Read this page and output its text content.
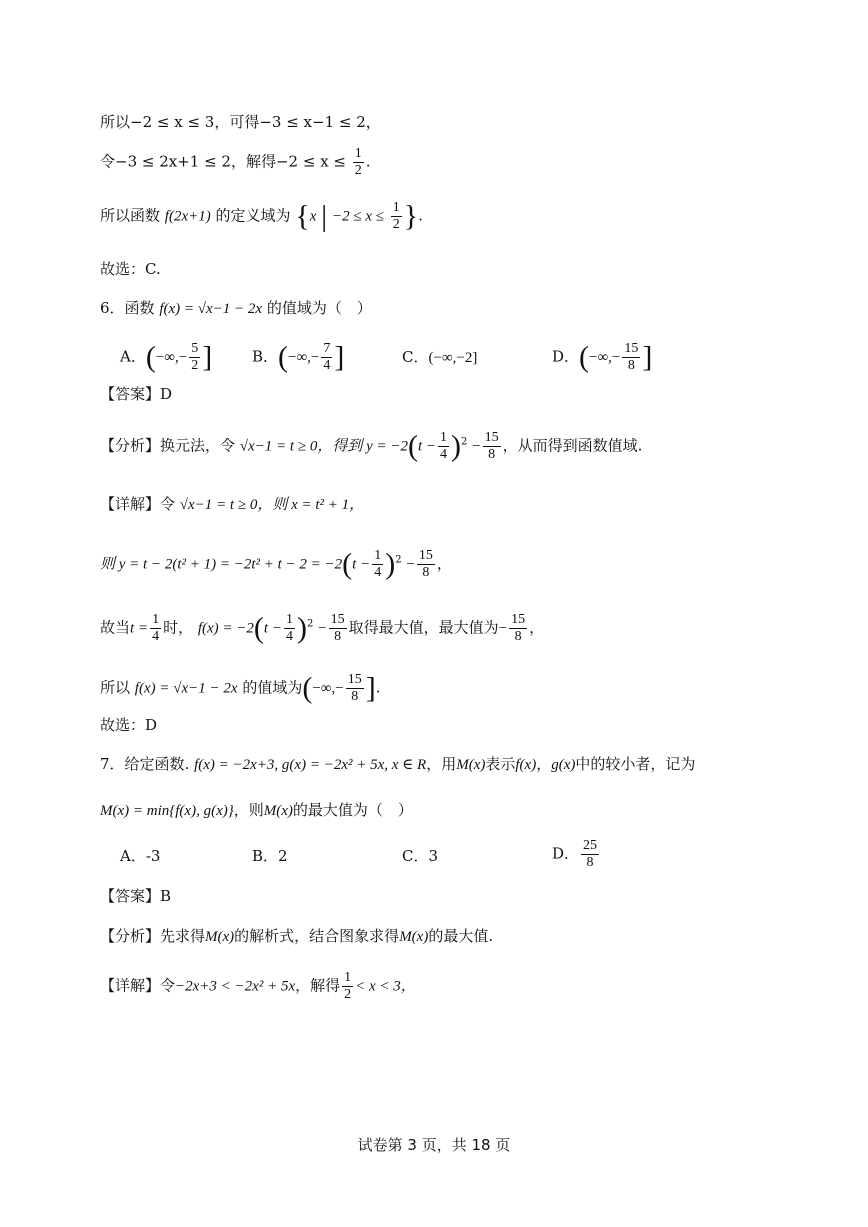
所以−2 ≤ x ≤ 3，可得−3 ≤ x−1 ≤ 2，
令−3 ≤ 2x+1 ≤ 2，解得$-2 \le x \le \frac{1}{2}$ .
所以函数 f(2x+1) 的定义域为 {x | $-2 \le x \le \frac{1}{2}$ }.
故选：C.
6．函数 f(x) = √x−1 − 2x 的值域为（　）
A．(−∞,− $\frac{5}{2}$ ]	B．(−∞,− $\frac{7}{4}$ ]	C．(−∞,−2]	D．(−∞,− $\frac{15}{8}$ ]
【答案】D
【分析】换元法，令 √x−1 = t ≥ 0，得到 $y = -2(t - \frac{1}{4} )^2 - \frac{15}{8}$ ，从而得到函数值域.
【详解】令 √x−1 = t ≥ 0，则 x = t² + 1，
则 $y = t - 2(t^2 + 1) = -2t^2 + t - 2 = -2(t - \frac{1}{4} )^2 - \frac{15}{8}$ ，
故当$t = \frac{1}{4}$ 时， $f(x) = -2(t - \frac{1}{4} )^2 - \frac{15}{8}$ 取得最大值，最大值为− $\frac{15}{8}$ ，
所以 f(x) = √x−1 − 2x 的值域为(−∞,− $\frac{15}{8}$ ].
故选：D
7．给定函数. f(x) = −2x+3, g(x) = −2x² + 5x, x ∈ R，用M(x)表示f(x)，g(x)中的较小者，记为
M(x) = min{f(x), g(x)}，则M(x)的最大值为（　）
A．-3	B．2	C．3	D． $\frac{25}{8}$
【答案】B
【分析】先求得M(x)的解析式，结合图象求得M(x)的最大值.
【详解】令−2x+3 < −2x² + 5x，解得 $\frac{1}{2} < x < 3$，
试卷第 3 页，共 18 页
